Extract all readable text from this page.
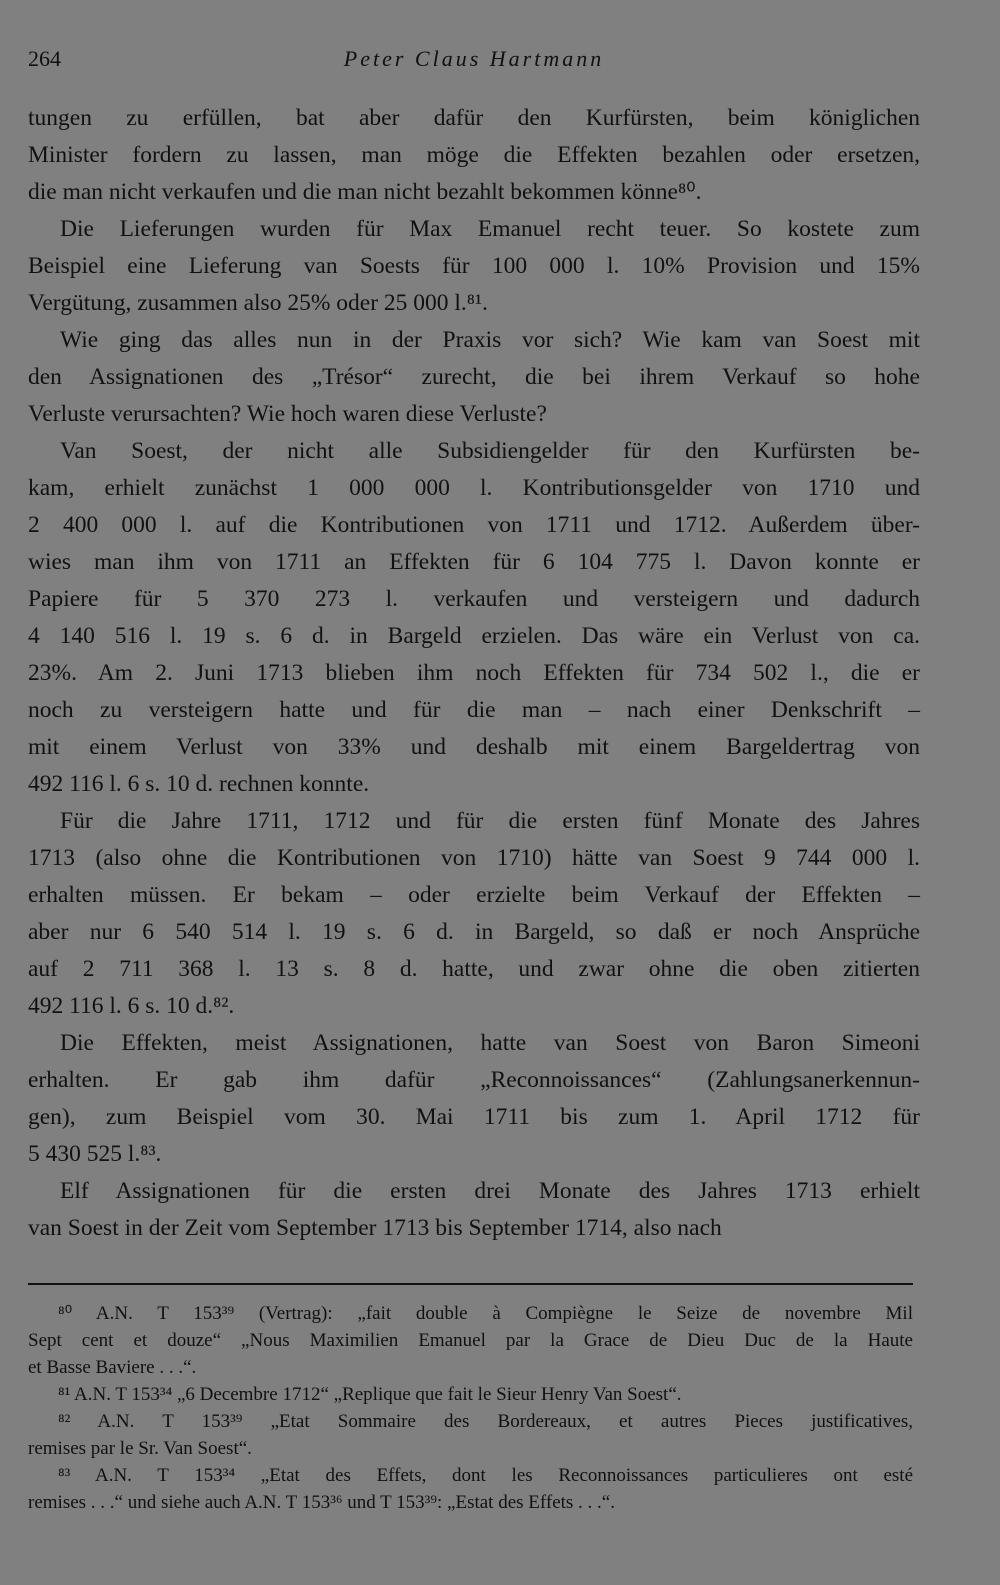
264	Peter Claus Hartmann
tungen zu erfüllen, bat aber dafür den Kurfürsten, beim königlichen
Minister fordern zu lassen, man möge die Effekten bezahlen oder ersetzen,
die man nicht verkaufen und die man nicht bezahlt bekommen könne⁸⁰.
Die Lieferungen wurden für Max Emanuel recht teuer. So kostete zum
Beispiel eine Lieferung van Soests für 100 000 l. 10% Provision und 15%
Vergütung, zusammen also 25% oder 25 000 l.⁸¹.
Wie ging das alles nun in der Praxis vor sich? Wie kam van Soest mit
den Assignationen des „Trésor“ zurecht, die bei ihrem Verkauf so hohe
Verluste verursachten? Wie hoch waren diese Verluste?
Van Soest, der nicht alle Subsidiengelder für den Kurfürsten be-
kam, erhielt zunächst 1 000 000 l. Kontributionsgelder von 1710 und
2 400 000 l. auf die Kontributionen von 1711 und 1712. Außerdem über-
wies man ihm von 1711 an Effekten für 6 104 775 l. Davon konnte er
Papiere für 5 370 273 l. verkaufen und versteigern und dadurch
4 140 516 l. 19 s. 6 d. in Bargeld erzielen. Das wäre ein Verlust von ca.
23%. Am 2. Juni 1713 blieben ihm noch Effekten für 734 502 l., die er
noch zu versteigern hatte und für die man – nach einer Denkschrift –
mit einem Verlust von 33% und deshalb mit einem Bargeldertrag von
492 116 l. 6 s. 10 d. rechnen konnte.
Für die Jahre 1711, 1712 und für die ersten fünf Monate des Jahres
1713 (also ohne die Kontributionen von 1710) hätte van Soest 9 744 000 l.
erhalten müssen. Er bekam – oder erzielte beim Verkauf der Effekten –
aber nur 6 540 514 l. 19 s. 6 d. in Bargeld, so daß er noch Ansprüche
auf 2 711 368 l. 13 s. 8 d. hatte, und zwar ohne die oben zitierten
492 116 l. 6 s. 10 d.⁸².
Die Effekten, meist Assignationen, hatte van Soest von Baron Simeoni
erhalten. Er gab ihm dafür „Reconnoissances“ (Zahlungsanerkennun-
gen), zum Beispiel vom 30. Mai 1711 bis zum 1. April 1712 für
5 430 525 l.⁸³.
Elf Assignationen für die ersten drei Monate des Jahres 1713 erhielt
van Soest in der Zeit vom September 1713 bis September 1714, also nach
⁸⁰ A.N. T 153³⁹ (Vertrag): „fait double à Compiègne le Seize de novembre Mil
Sept cent et douze“ „Nous Maximilien Emanuel par la Grace de Dieu Duc de la Haute
et Basse Baviere . . .“.
⁸¹ A.N. T 153³⁴ „6 Decembre 1712“ „Replique que fait le Sieur Henry Van Soest“.
⁸² A.N. T 153³⁹ „Etat Sommaire des Bordereaux, et autres Pieces justificatives,
remises par le Sr. Van Soest“.
⁸³ A.N. T 153³⁴ „Etat des Effets, dont les Reconnoissances particulieres ont esté
remises . . .“ und siehe auch A.N. T 153³⁶ und T 153³⁹: „Estat des Effets . . .“.
